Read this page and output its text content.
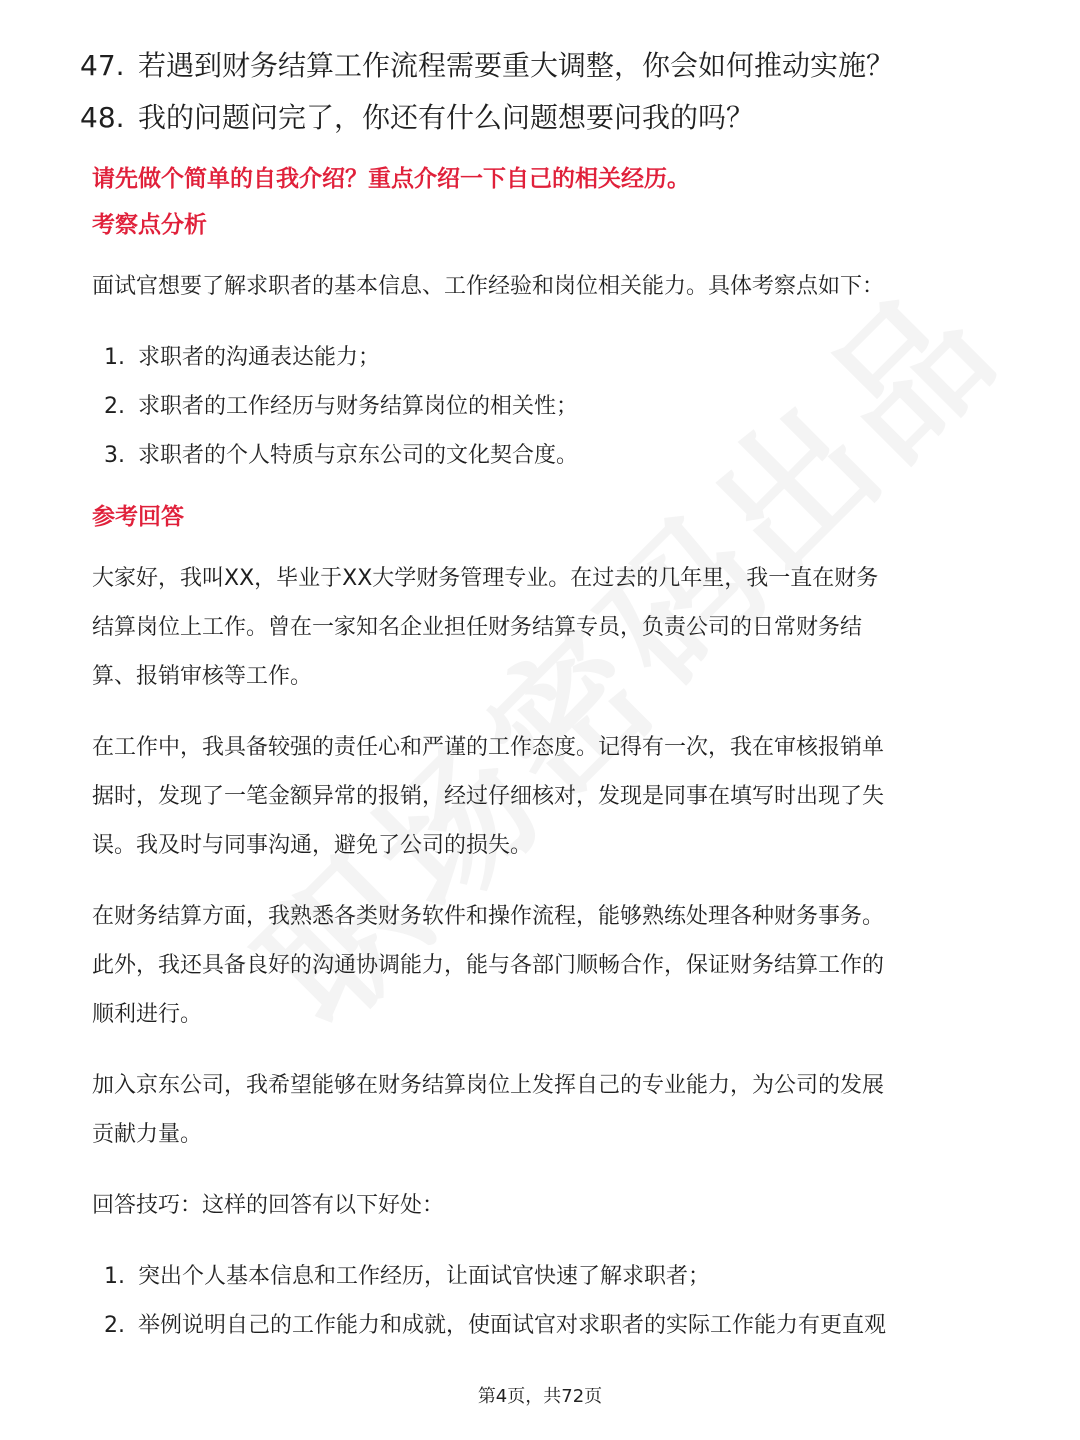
47. 若遇到财务结算工作流程需要重大调整，你会如何推动实施？
48. 我的问题问完了，你还有什么问题想要问我的吗？
请先做个简单的自我介绍？重点介绍一下自己的相关经历。
考察点分析

面试官想要了解求职者的基本信息、工作经验和岗位相关能力。具体考察点如下：

1. 求职者的沟通表达能力；
2. 求职者的工作经历与财务结算岗位的相关性；
3. 求职者的个人特质与京东公司的文化契合度。
参考回答

大家好，我叫XX，毕业于XX大学财务管理专业。在过去的几年里，我一直在财务

结算岗位上工作。曾在一家知名企业担任财务结算专员，负责公司的日常财务结

算、报销审核等工作。

在工作中，我具备较强的责任心和严谨的工作态度。记得有一次，我在审核报销单

据时，发现了一笔金额异常的报销，经过仔细核对，发现是同事在填写时出现了失

误。我及时与同事沟通，避免了公司的损失。

在财务结算方面，我熟悉各类财务软件和操作流程，能够熟练处理各种财务事务。

此外，我还具备良好的沟通协调能力，能与各部门顺畅合作，保证财务结算工作的

顺利进行。

加入京东公司，我希望能够在财务结算岗位上发挥自己的专业能力，为公司的发展

贡献力量。

回答技巧：这样的回答有以下好处：

1. 突出个人基本信息和工作经历，让面试官快速了解求职者；
2. 举例说明自己的工作能力和成就，使面试官对求职者的实际工作能力有更直观
第4页，共72页
